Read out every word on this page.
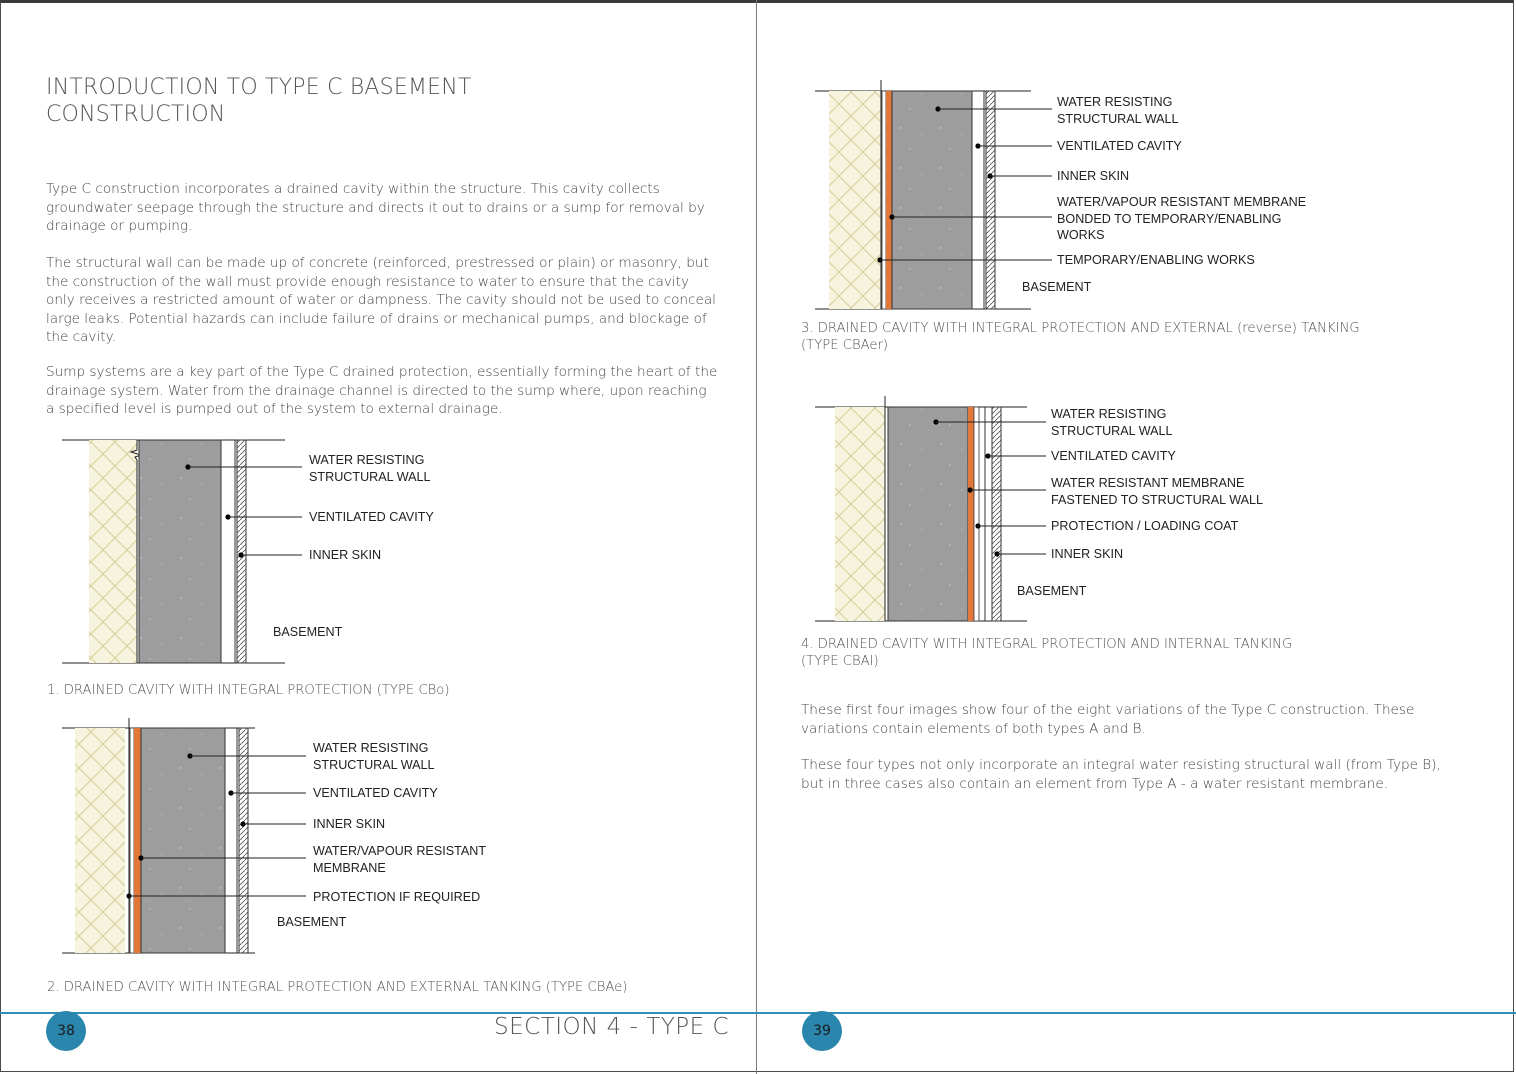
INTRODUCTION TO TYPE C BASEMENT
CONSTRUCTION

Type C construction incorporates a drained cavity within the structure. This cavity collects groundwater seepage through the structure and directs it out to drains or a sump for removal by drainage or pumping.

The structural wall can be made up of concrete (reinforced, prestressed or plain) or masonry, but the construction of the wall must provide enough resistance to water to ensure that the cavity only receives a restricted amount of water or dampness. The cavity should not be used to conceal large leaks. Potential hazards can include failure of drains or mechanical pumps, and blockage of the cavity.

Sump systems are a key part of the Type C drained protection, essentially forming the heart of the drainage system. Water from the drainage channel is directed to the sump where, upon reaching a specified level is pumped out of the system to external drainage.

WATER RESISTING
STRUCTURAL WALL
VENTILATED CAVITY
INNER SKIN
BASEMENT
1. DRAINED CAVITY WITH INTEGRAL PROTECTION (TYPE CBo)
WATER RESISTING
STRUCTURAL WALL
VENTILATED CAVITY
INNER SKIN
WATER/VAPOUR RESISTANT
MEMBRANE
PROTECTION IF REQUIRED
BASEMENT
2. DRAINED CAVITY WITH INTEGRAL PROTECTION AND EXTERNAL TANKING (TYPE CBAe)
WATER RESISTING
STRUCTURAL WALL
VENTILATED CAVITY
INNER SKIN
WATER/VAPOUR RESISTANT MEMBRANE
BONDED TO TEMPORARY/ENABLING
WORKS
TEMPORARY/ENABLING WORKS
BASEMENT
3. DRAINED CAVITY WITH INTEGRAL PROTECTION AND EXTERNAL (reverse) TANKING
(TYPE CBAer)
WATER RESISTING
STRUCTURAL WALL
VENTILATED CAVITY
WATER RESISTANT MEMBRANE
FASTENED TO STRUCTURAL WALL
PROTECTION / LOADING COAT
INNER SKIN
BASEMENT
4. DRAINED CAVITY WITH INTEGRAL PROTECTION AND INTERNAL TANKING
(TYPE CBAI)

These first four images show four of the eight variations of the Type C construction. These variations contain elements of both types A and B.

These four types not only incorporate an integral water resisting structural wall (from Type B), but in three cases also contain an element from Type A - a water resistant membrane.

38	SECTION 4 - TYPE C	39
